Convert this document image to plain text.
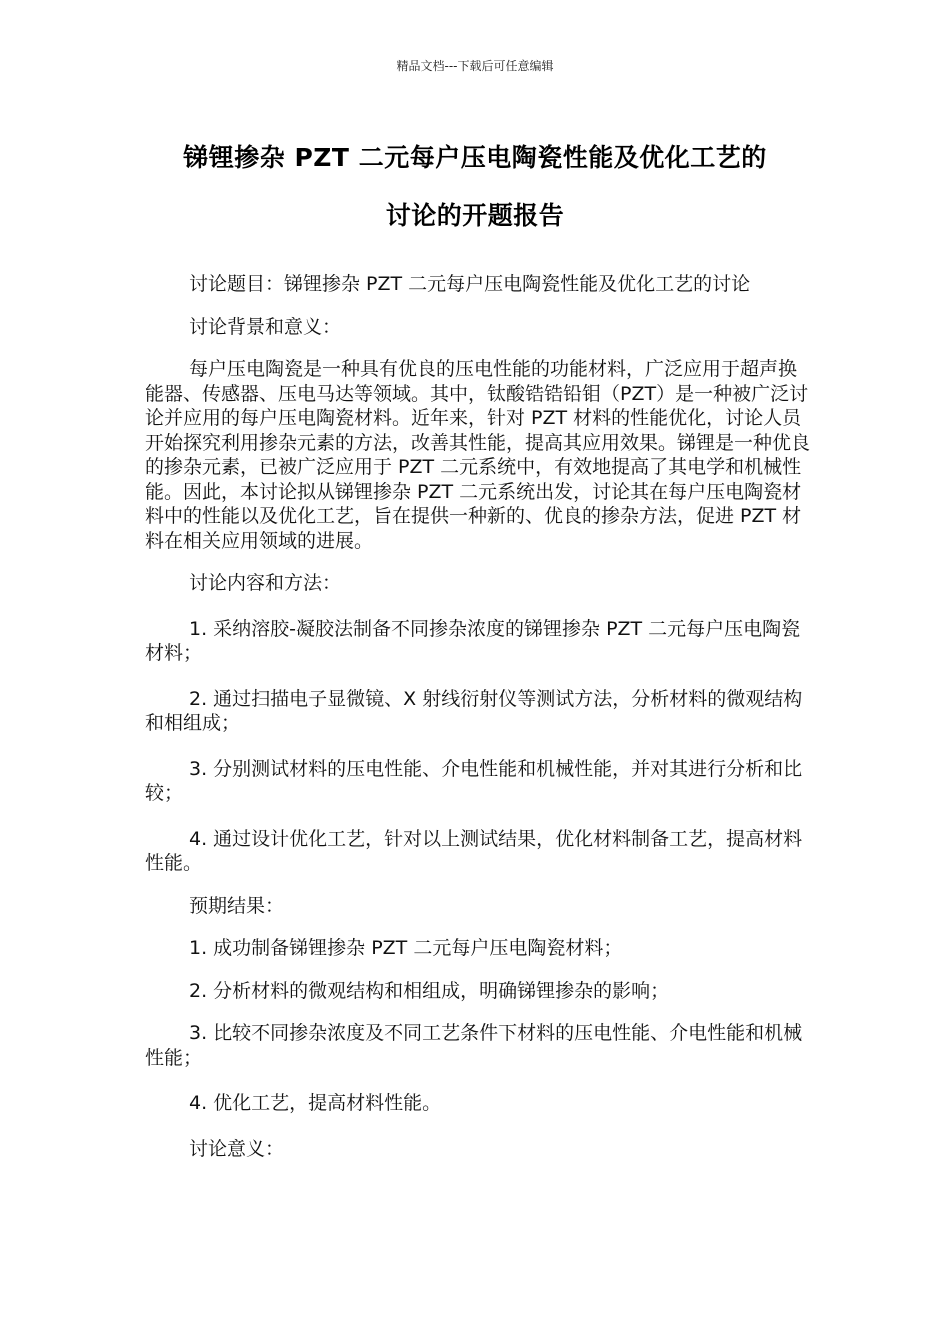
精品文档---下载后可任意编辑
锑锂掺杂 PZT 二元每户压电陶瓷性能及优化工艺的
讨论的开题报告

讨论题目：锑锂掺杂 PZT 二元每户压电陶瓷性能及优化工艺的讨论

讨论背景和意义：

每户压电陶瓷是一种具有优良的压电性能的功能材料，广泛应用于超声换能器、传感器、压电马达等领域。其中，钛酸锆锆铅钼（PZT）是一种被广泛讨论并应用的每户压电陶瓷材料。近年来，针对 PZT 材料的性能优化，讨论人员开始探究利用掺杂元素的方法，改善其性能，提高其应用效果。锑锂是一种优良的掺杂元素，已被广泛应用于 PZT 二元系统中，有效地提高了其电学和机械性能。因此，本讨论拟从锑锂掺杂 PZT 二元系统出发，讨论其在每户压电陶瓷材料中的性能以及优化工艺，旨在提供一种新的、优良的掺杂方法，促进 PZT 材料在相关应用领域的进展。

讨论内容和方法：

1. 采纳溶胶-凝胶法制备不同掺杂浓度的锑锂掺杂 PZT 二元每户压电陶瓷材料；

2. 通过扫描电子显微镜、X 射线衍射仪等测试方法，分析材料的微观结构和相组成；

3. 分别测试材料的压电性能、介电性能和机械性能，并对其进行分析和比较；

4. 通过设计优化工艺，针对以上测试结果，优化材料制备工艺，提高材料性能。

预期结果：

1. 成功制备锑锂掺杂 PZT 二元每户压电陶瓷材料；

2. 分析材料的微观结构和相组成，明确锑锂掺杂的影响；

3. 比较不同掺杂浓度及不同工艺条件下材料的压电性能、介电性能和机械性能；

4. 优化工艺，提高材料性能。

讨论意义：
